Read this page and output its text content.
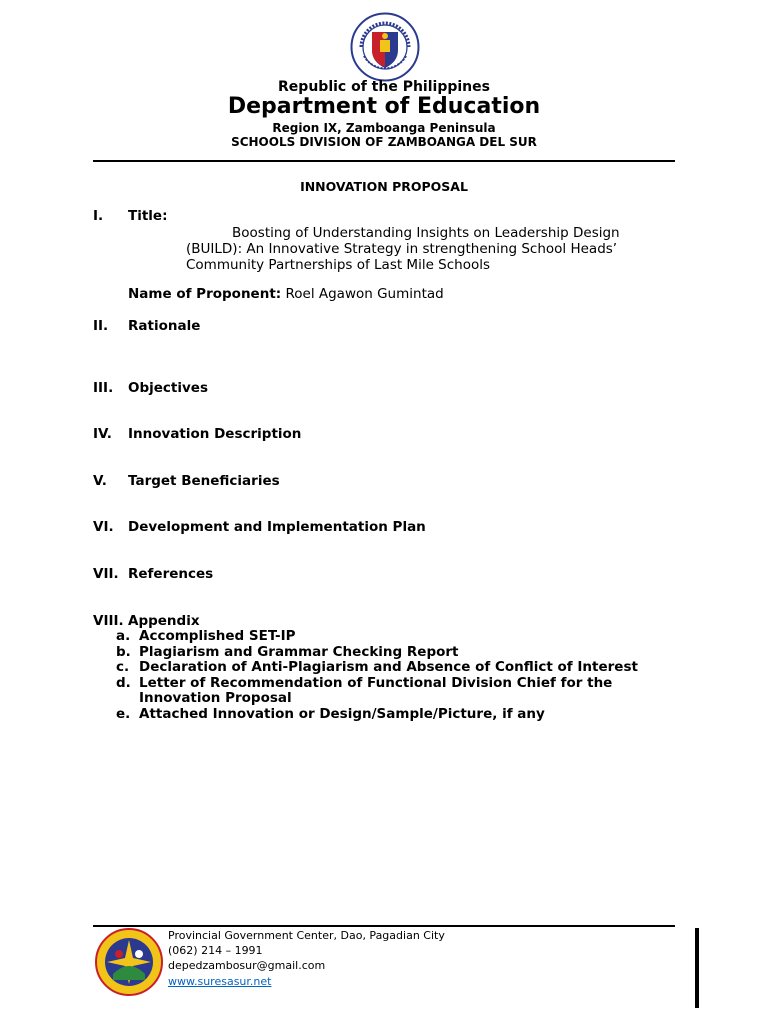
Republic of the Philippines
Department of Education
Region IX, Zamboanga Peninsula
SCHOOLS DIVISION OF ZAMBOANGA DEL SUR
INNOVATION PROPOSAL
I. Title:
Boosting of Understanding Insights on Leadership Design
(BUILD): An Innovative Strategy in strengthening School Heads’
Community Partnerships of Last Mile Schools
Name of Proponent: Roel Agawon Gumintad
II. Rationale
III. Objectives
IV. Innovation Description
V. Target Beneficiaries
VI. Development and Implementation Plan
VII. References
VIII. Appendix
a. Accomplished SET-IP
b. Plagiarism and Grammar Checking Report
c. Declaration of Anti-Plagiarism and Absence of Conflict of Interest
d. Letter of Recommendation of Functional Division Chief for the
Innovation Proposal
e. Attached Innovation or Design/Sample/Picture, if any
Provincial Government Center, Dao, Pagadian City
(062) 214 – 1991
depedzambosur@gmail.com
www.suresasur.net
